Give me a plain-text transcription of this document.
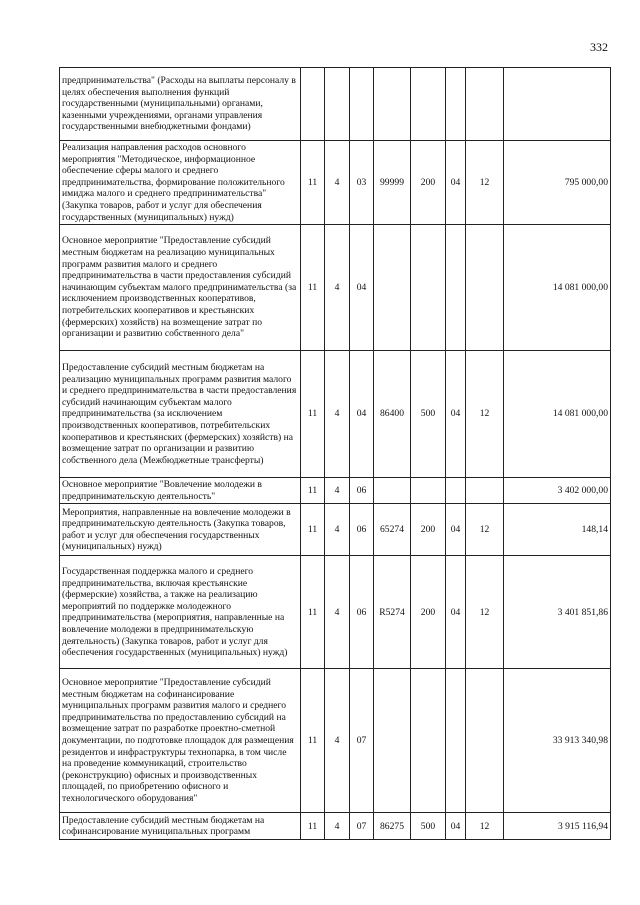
332
предпринимательства" (Расходы на выплаты персоналу в целях обеспечения выполнения функций государственными (муниципальными) органами, казенными учреждениями, органами управления государственными внебюджетными фондами)								
Реализация направления расходов основного мероприятия "Методическое, информационное обеспечение сферы малого и среднего предпринимательства, формирование положительного имиджа малого и среднего предпринимательства" (Закупка товаров, работ и услуг для обеспечения государственных (муниципальных) нужд)	11	4	03	99999	200	04	12	795 000,00
Основное мероприятие "Предоставление субсидий местным бюджетам на реализацию муниципальных программ развития малого и среднего предпринимательства в части предоставления субсидий начинающим субъектам малого предпринимательства (за исключением производственных кооперативов, потребительских кооперативов и крестьянских (фермерских) хозяйств) на возмещение затрат по организации и развитию собственного дела"	11	4	04					14 081 000,00
Предоставление субсидий местным бюджетам на реализацию муниципальных программ развития малого и среднего предпринимательства в части предоставления субсидий начинающим субъектам малого предпринимательства (за исключением производственных кооперативов, потребительских кооперативов и крестьянских (фермерских) хозяйств) на возмещение затрат по организации и развитию собственного дела (Межбюджетные трансферты)	11	4	04	86400	500	04	12	14 081 000,00
Основное мероприятие "Вовлечение молодежи в предпринимательскую деятельность"	11	4	06					3 402 000,00
Мероприятия, направленные на вовлечение молодежи в предпринимательскую деятельность (Закупка товаров, работ и услуг для обеспечения государственных (муниципальных) нужд)	11	4	06	65274	200	04	12	148,14
Государственная поддержка малого и среднего предпринимательства, включая крестьянские (фермерские) хозяйства, а также на реализацию мероприятий по поддержке молодежного предпринимательства (мероприятия, направленные на вовлечение молодежи в предпринимательскую деятельность) (Закупка товаров, работ и услуг для обеспечения государственных (муниципальных) нужд)	11	4	06	R5274	200	04	12	3 401 851,86
Основное мероприятие "Предоставление субсидий местным бюджетам на софинансирование муниципальных программ развития малого и среднего предпринимательства по предоставлению субсидий на возмещение затрат по разработке проектно-сметной документации, по подготовке площадок для размещения резидентов и инфраструктуры технопарка, в том числе на проведение коммуникаций, строительство (реконструкцию) офисных и производственных площадей, по приобретению офисного и технологического оборудования"	11	4	07					33 913 340,98
Предоставление субсидий местным бюджетам на софинансирование муниципальных программ	11	4	07	86275	500	04	12	3 915 116,94
